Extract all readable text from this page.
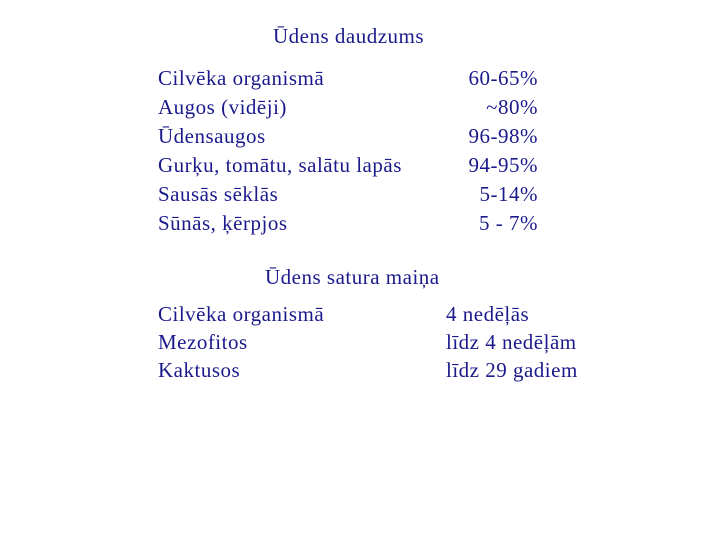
Ūdens daudzums
Cilvēka organismā	60-65%
Augos (vidēji)	~80%
Ūdensaugos	96-98%
Gurķu, tomātu, salātu lapās	94-95%
Sausās sēklās	5-14%
Sūnās, ķērpjos	5 - 7%
Ūdens satura maiņa
Cilvēka organismā	4 nedēļās
Mezofitos	līdz 4 nedēļām
Kaktusos	līdz 29 gadiem
